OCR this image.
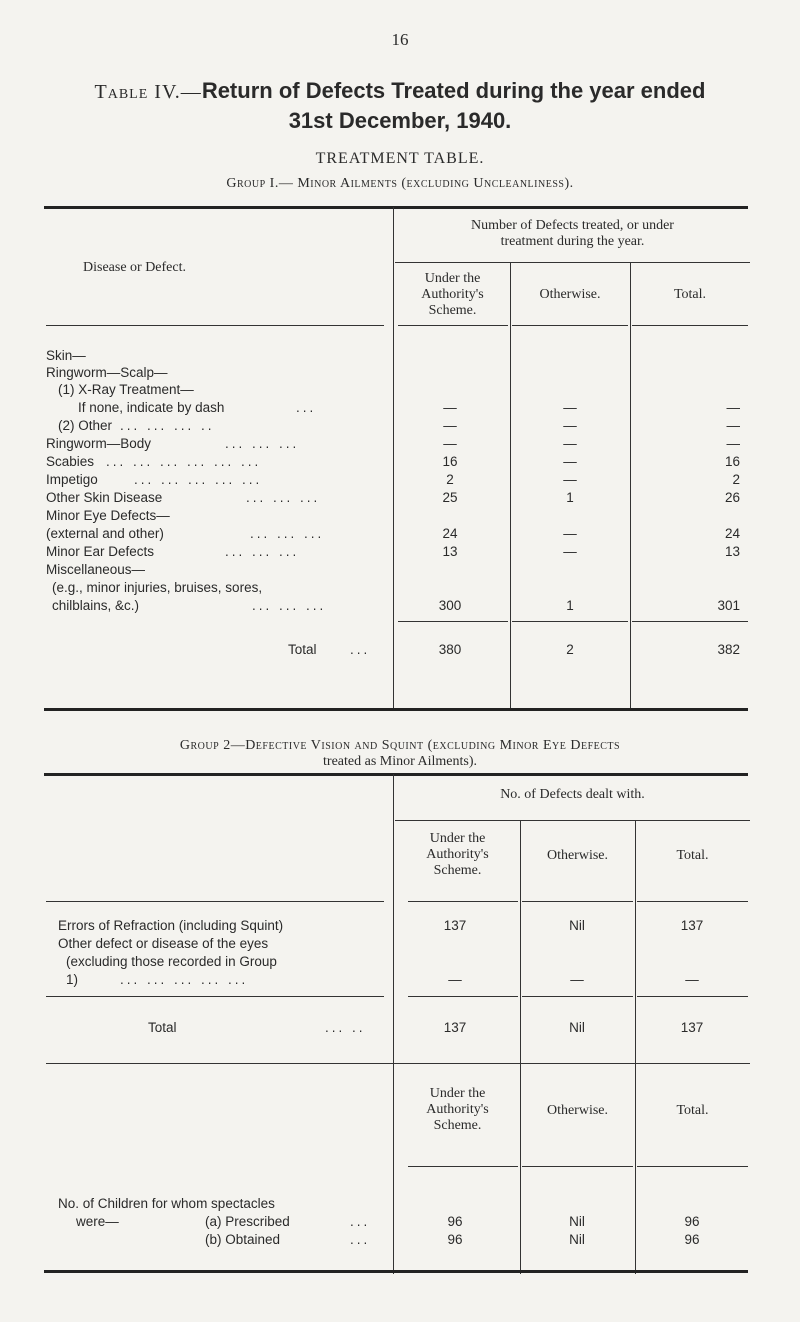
16
Table IV.—Return of Defects Treated during the year ended
31st December, 1940.
TREATMENT TABLE.
Group I.— Minor Ailments (excluding Uncleanliness).
Disease or Defect.
Number of Defects treated, or under
treatment during the year.
Under the
Authority's
Scheme.
Otherwise.	Total.
Skin—
Ringworm—Scalp—
(1) X-Ray Treatment—
If none, indicate by dash	...	—	—	—
(2) Other ... ... ... ..	—	—	—
Ringworm—Body	... ... ...	—	—	—
Scabies ... ... ... ... ... ...	16	—	16
Impetigo	... ... ... ... ...	2	—	2
Other Skin Disease	... ... ...	25	1	26
Minor Eye Defects—
(external and other)	... ... ...	24	—	24
Minor Ear Defects	... ... ...	13	—	13
Miscellaneous—
(e.g., minor injuries, bruises, sores,
chilblains, &c.)	... ... ...	300	1	301
Total ...	380	2	382
Group 2—Defective Vision and Squint (excluding Minor Eye Defects
treated as Minor Ailments).
No. of Defects dealt with.
Under the
Authority's
Scheme.
Otherwise.	Total.
Errors of Refraction (including Squint)	137	Nil	137
Other defect or disease of the eyes
(excluding those recorded in Group
1)	... ... ... ... ...	—	—	—
Total	... ..	137	Nil	137
Under the
Authority's
Scheme.
Otherwise.	Total.
No. of Children for whom spectacles
were—	(a) Prescribed	...	96	Nil	96
(b) Obtained	...	96	Nil	96
